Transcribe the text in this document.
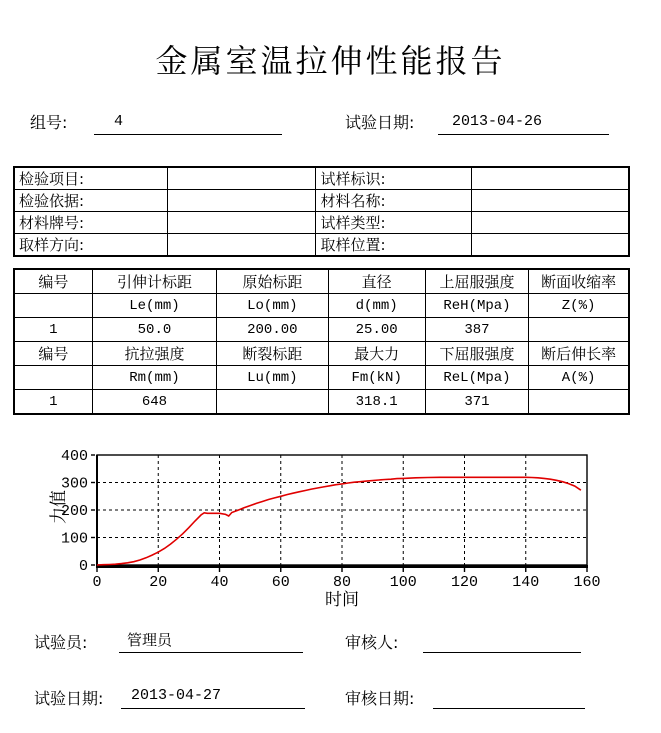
金属室温拉伸性能报告
组号:	4	试验日期:	2013-04-26
检验项目:		试样标识:	
检验依据:		材料名称:	
材料牌号:		试样类型:	
取样方向:		取样位置:	
编号	引伸计标距	原始标距	直径	上屈服强度	断面收缩率
	Le(mm)	Lo(mm)	d(mm)	ReH(Mpa)	Z(%)
1	50.0	200.00	25.00	387	
编号	抗拉强度	断裂标距	最大力	下屈服强度	断后伸长率
	Rm(mm)	Lu(mm)	Fm(kN)	ReL(Mpa)	A(%)
1	648		318.1	371	
0	20	40	60	80	100 120 140 160
0
100
200
300
400
力值
时间
试验员:	管理员	审核人:
试验日期:	2013-04-27	审核日期:
